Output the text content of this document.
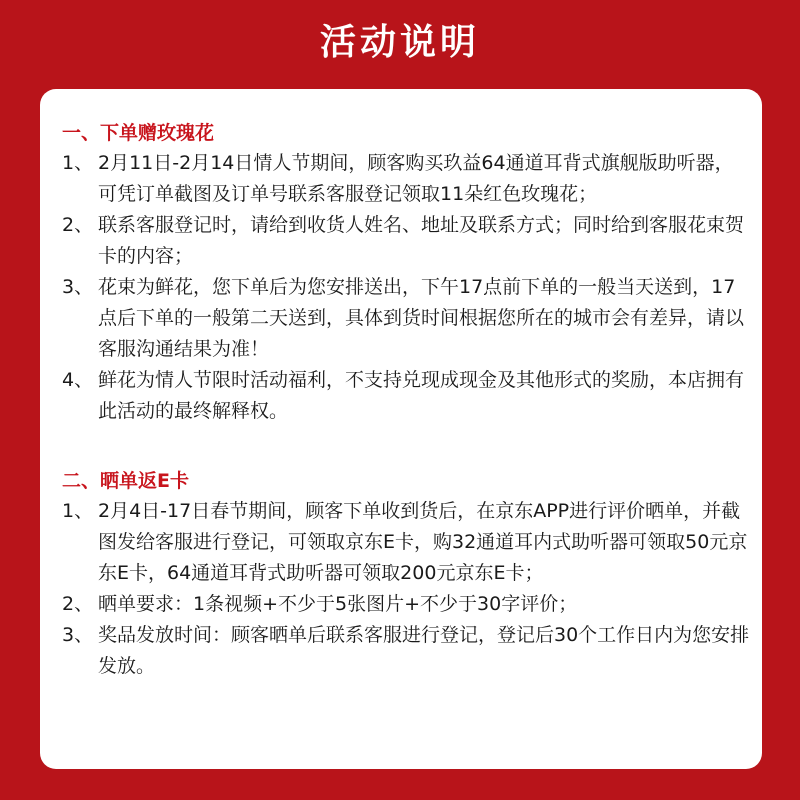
活动说明
一、下单赠玫瑰花
1、 2月11日-2月14日情人节期间，顾客购买玖益64通道耳背式旗舰版助听器，可凭订单截图及订单号联系客服登记领取11朵红色玫瑰花；
2、 联系客服登记时，请给到收货人姓名、地址及联系方式；同时给到客服花束贺卡的内容；
3、 花束为鲜花，您下单后为您安排送出，下午17点前下单的一般当天送到，17点后下单的一般第二天送到，具体到货时间根据您所在的城市会有差异，请以客服沟通结果为准！
4、 鲜花为情人节限时活动福利，不支持兑现成现金及其他形式的奖励，本店拥有此活动的最终解释权。
二、晒单返E卡
1、 2月4日-17日春节期间，顾客下单收到货后，在京东APP进行评价晒单，并截图发给客服进行登记，可领取京东E卡，购32通道耳内式助听器可领取50元京东E卡，64通道耳背式助听器可领取200元京东E卡；
2、 晒单要求：1条视频+不少于5张图片+不少于30字评价；
3、 奖品发放时间：顾客晒单后联系客服进行登记，登记后30个工作日内为您安排发放。
